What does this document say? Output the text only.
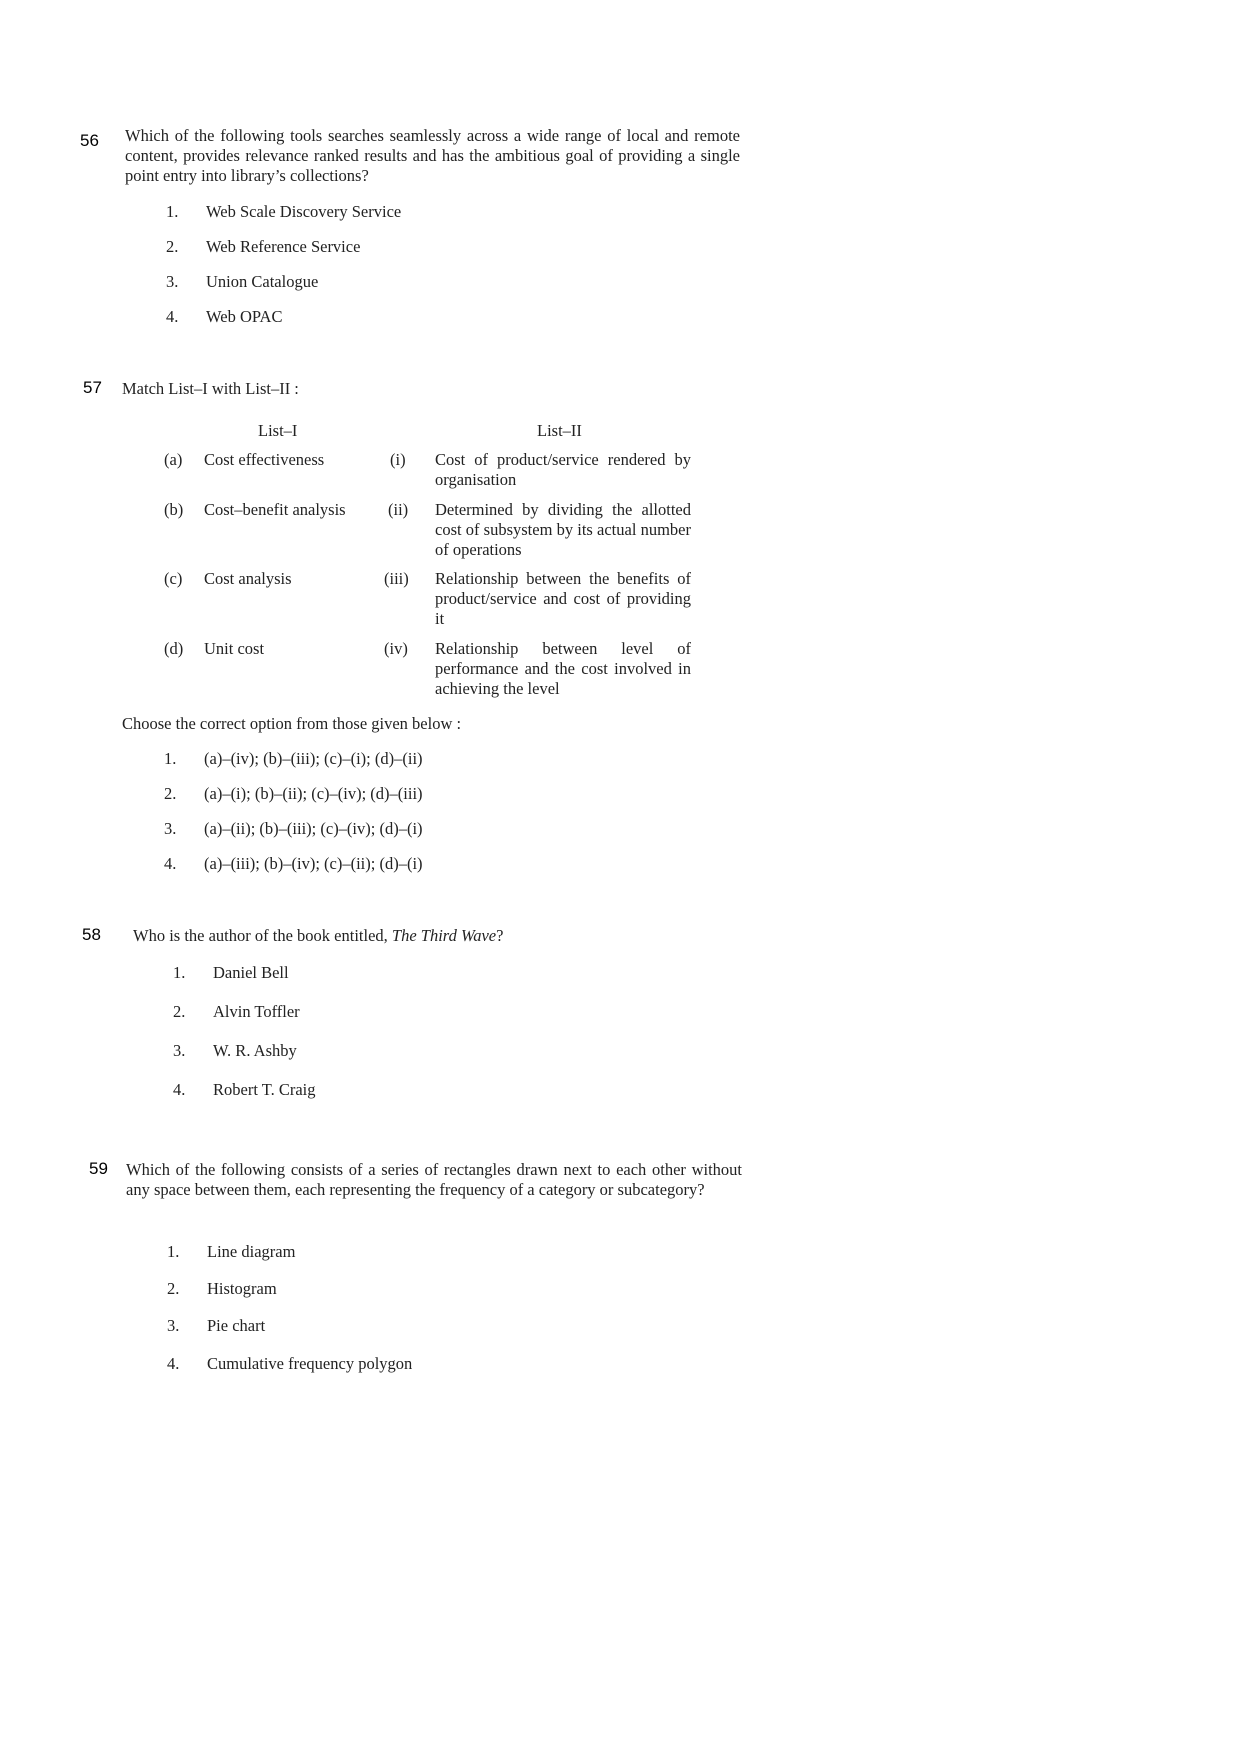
56 Which of the following tools searches seamlessly across a wide range of local and remote content, provides relevance ranked results and has the ambitious goal of providing a single point entry into library’s collections?
1. Web Scale Discovery Service
2. Web Reference Service
3. Union Catalogue
4. Web OPAC
57 Match List–I with List–II :
List–I	List–II
(a) Cost effectiveness	(i) Cost of product/service rendered by organisation
(b) Cost–benefit analysis	(ii) Determined by dividing the allotted cost of subsystem by its actual number of operations
(c) Cost analysis	(iii) Relationship between the benefits of product/service and cost of providing it
(d) Unit cost	(iv) Relationship between level of performance and the cost involved in achieving the level
Choose the correct option from those given below :
1. (a)–(iv); (b)–(iii); (c)–(i); (d)–(ii)
2. (a)–(i); (b)–(ii); (c)–(iv); (d)–(iii)
3. (a)–(ii); (b)–(iii); (c)–(iv); (d)–(i)
4. (a)–(iii); (b)–(iv); (c)–(ii); (d)–(i)
58 Who is the author of the book entitled, The Third Wave?
1. Daniel Bell
2. Alvin Toffler
3. W. R. Ashby
4. Robert T. Craig
59 Which of the following consists of a series of rectangles drawn next to each other without any space between them, each representing the frequency of a category or subcategory?
1. Line diagram
2. Histogram
3. Pie chart
4. Cumulative frequency polygon
